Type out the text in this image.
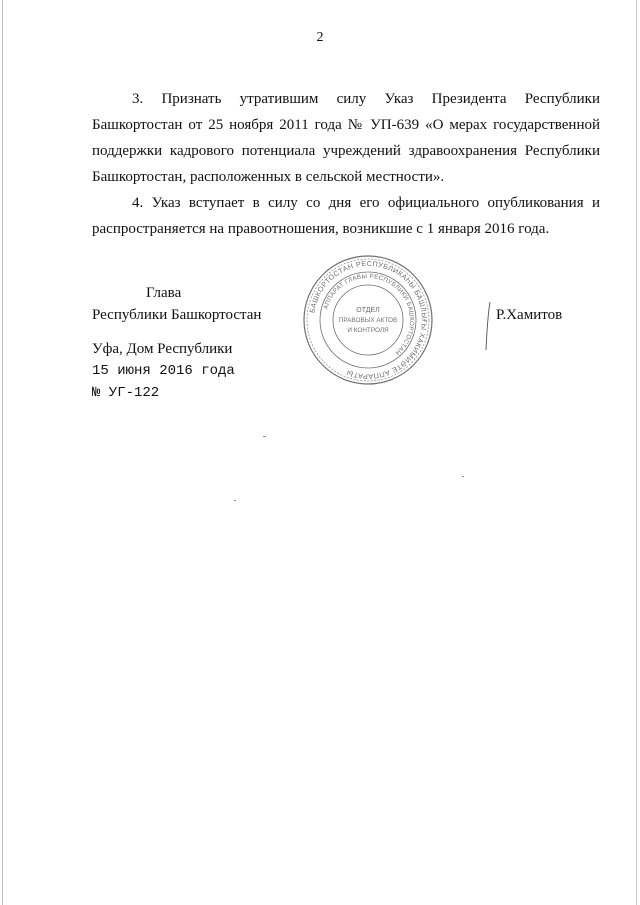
2

3. Признать утратившим силу Указ Президента Республики Башкортостан от 25 ноября 2011 года № УП-639 «О мерах государственной поддержки кадрового потенциала учреждений здравоохранения Республики Башкортостан, расположенных в сельской местности».

4. Указ вступает в силу со дня его официального опубликования и распространяется на правоотношения, возникшие с 1 января 2016 года.

Глава
Республики Башкортостан	БАШКОРТОСТАН РЕСПУБЛИКАҺЫ БАШЛЫҒЫ ХАКИМИӘТЕ АППАРАТЫ
АППАРАТ ГЛАВЫ РЕСПУБЛИКИ БАШКОРТОСТАН
ОТДЕЛ
ПРАВОВЫХ АКТОВ
И КОНТРОЛЯ
Р.Хамитов
Уфа, Дом Республики
15 июня 2016 года
№ УГ-122
